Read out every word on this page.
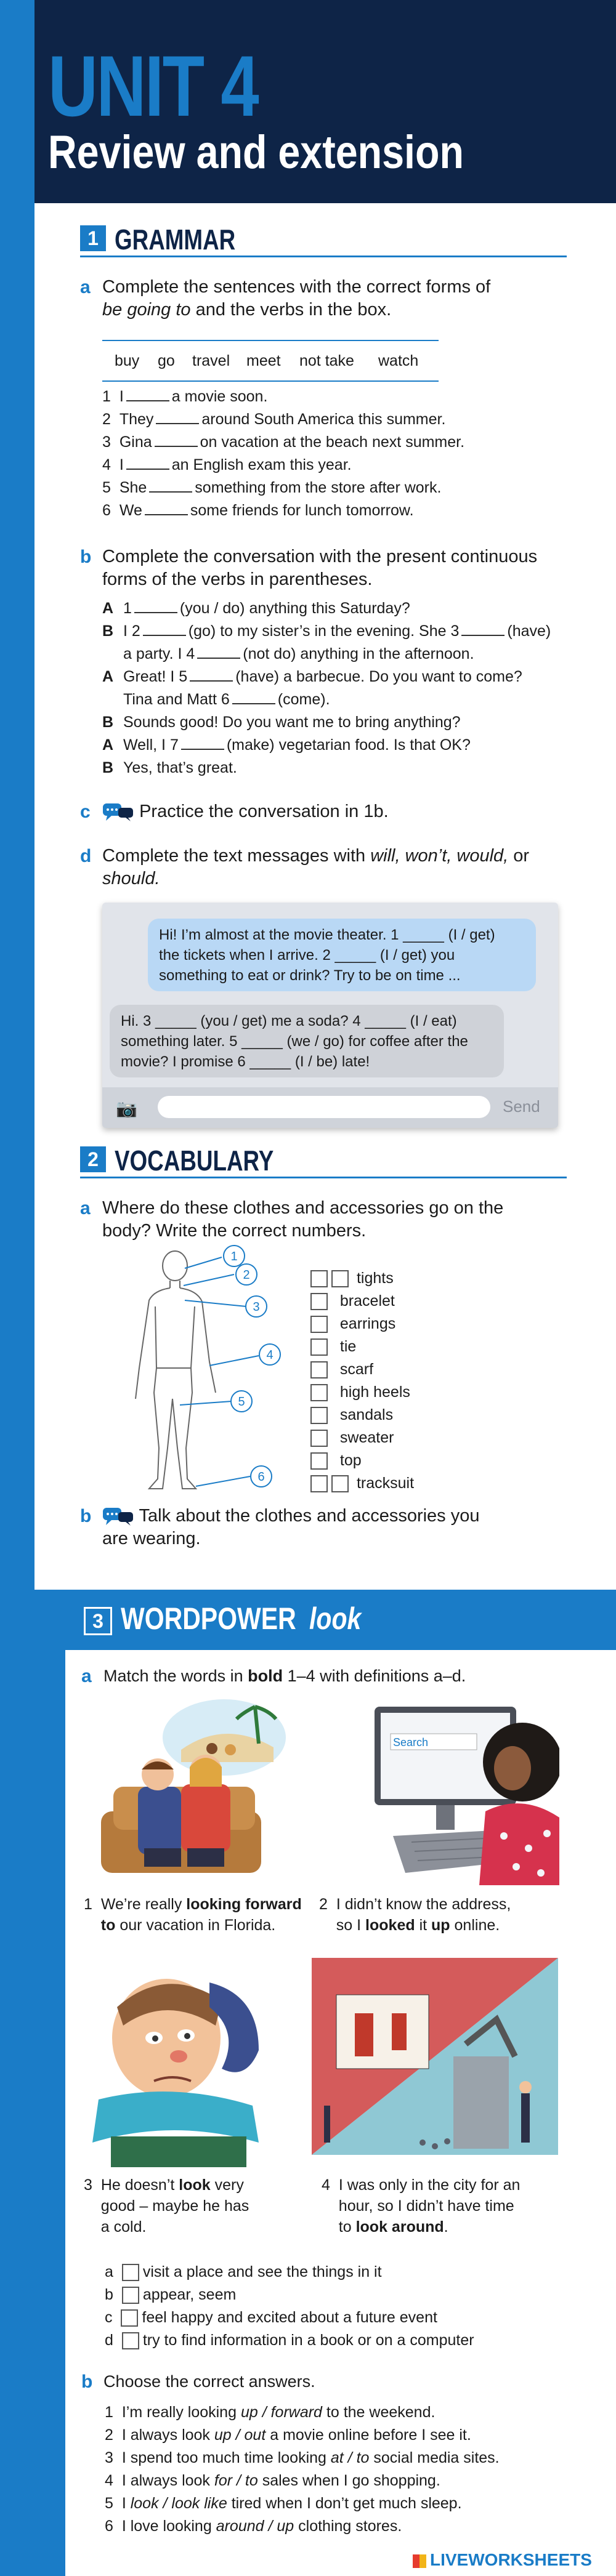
UNIT 4
Review and extension
1 GRAMMAR
a Complete the sentences with the correct forms of
be going to and the verbs in the box.
buy go travel meet not take watch
1 I	a movie soon.
2 They	around South America this summer.
3 Gina	on vacation at the beach next summer.
4 I	an English exam this year.
5 She	something from the store after work.
6 We	some friends for lunch tomorrow.
b Complete the conversation with the present continuous
forms of the verbs in parentheses.
A 1	(you / do) anything this Saturday?
B I 2	(go) to my sister’s in the evening. She 3	(have)
a party. I 4	(not do) anything in the afternoon.
A Great! I 5	(have) a barbecue. Do you want to come?
Tina and Matt 6	(come).
B Sounds good! Do you want me to bring anything?
A Well, I 7	(make) vegetarian food. Is that OK?
B Yes, that’s great.
c	Practice the conversation in 1b.
d Complete the text messages with will, won’t, would, or
should.
Hi! I’m almost at the movie theater. 1 _____ (I / get)
the tickets when I arrive. 2 _____ (I / get) you
something to eat or drink? Try to be on time ...
Hi. 3 _____ (you / get) me a soda? 4 _____ (I / eat)
something later. 5 _____ (we / go) for coffee after the
movie? I promise 6 _____ (I / be) late!
📷	Send
2 VOCABULARY
a Where do these clothes and accessories go on the
body? Write the correct numbers.
1
2
3
4
5
6
tights
bracelet
earrings
tie
scarf
high heels
sandals
sweater
top
tracksuit
b	Talk about the clothes and accessories you
are wearing.
3 WORDPOWER look
a Match the words in bold 1–4 with definitions a–d.
Search
1 We’re really looking forward
to our vacation in Florida.
2 I didn’t know the address,
so I looked it up online.
3 He doesn’t look very
good – maybe he has
a cold.
4 I was only in the city for an
hour, so I didn’t have time
to look around.
a visit a place and see the things in it
b appear, seem
c feel happy and excited about a future event
d try to find information in a book or on a computer
b Choose the correct answers.
1 I’m really looking up / forward to the weekend.
2 I always look up / out a movie online before I see it.
3 I spend too much time looking at / to social media sites.
4 I always look for / to sales when I go shopping.
5 I look / look like tired when I don’t get much sleep.
6 I love looking around / up clothing stores.
LIVEWORKSHEETS
